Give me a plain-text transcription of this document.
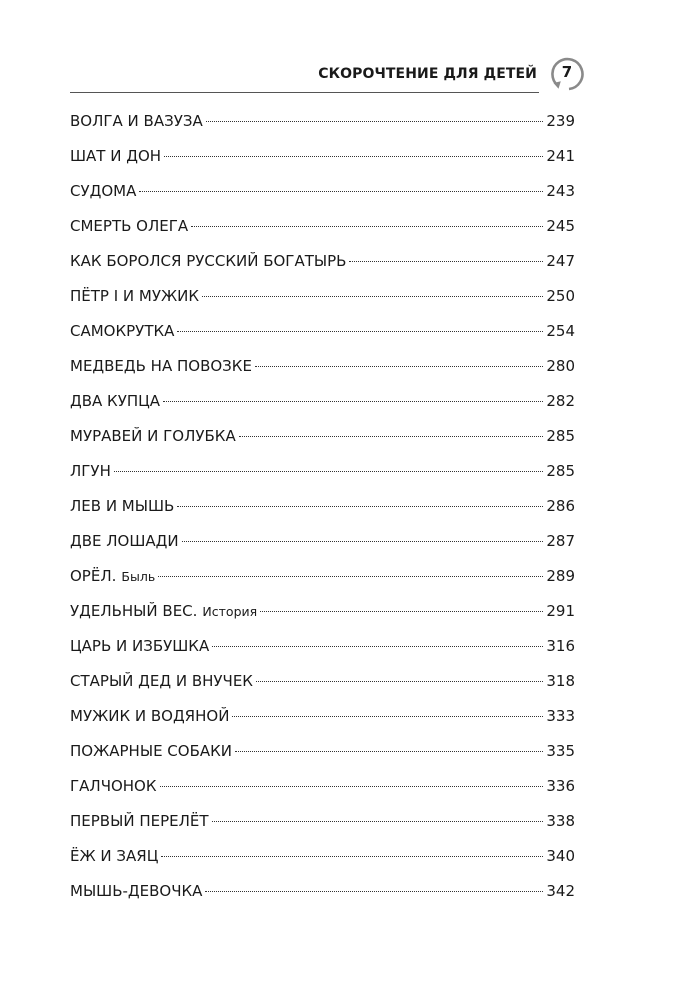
СКОРОЧТЕНИЕ ДЛЯ ДЕТЕЙ	7
ВОЛГА И ВАЗУЗА	239
ШАТ И ДОН	241
СУДОМА	243
СМЕРТЬ ОЛЕГА	245
КАК БОРОЛСЯ РУССКИЙ БОГАТЫРЬ	247
ПЁТР I И МУЖИК	250
САМОКРУТКА	254
МЕДВЕДЬ НА ПОВОЗКЕ	280
ДВА КУПЦА	282
МУРАВЕЙ И ГОЛУБКА	285
ЛГУН	285
ЛЕВ И МЫШЬ	286
ДВЕ ЛОШАДИ	287
ОРЁЛ. Быль	289
УДЕЛЬНЫЙ ВЕС. История	291
ЦАРЬ И ИЗБУШКА	316
СТАРЫЙ ДЕД И ВНУЧЕК	318
МУЖИК И ВОДЯНОЙ	333
ПОЖАРНЫЕ СОБАКИ	335
ГАЛЧОНОК	336
ПЕРВЫЙ ПЕРЕЛЁТ	338
ЁЖ И ЗАЯЦ	340
МЫШЬ-ДЕВОЧКА	342
